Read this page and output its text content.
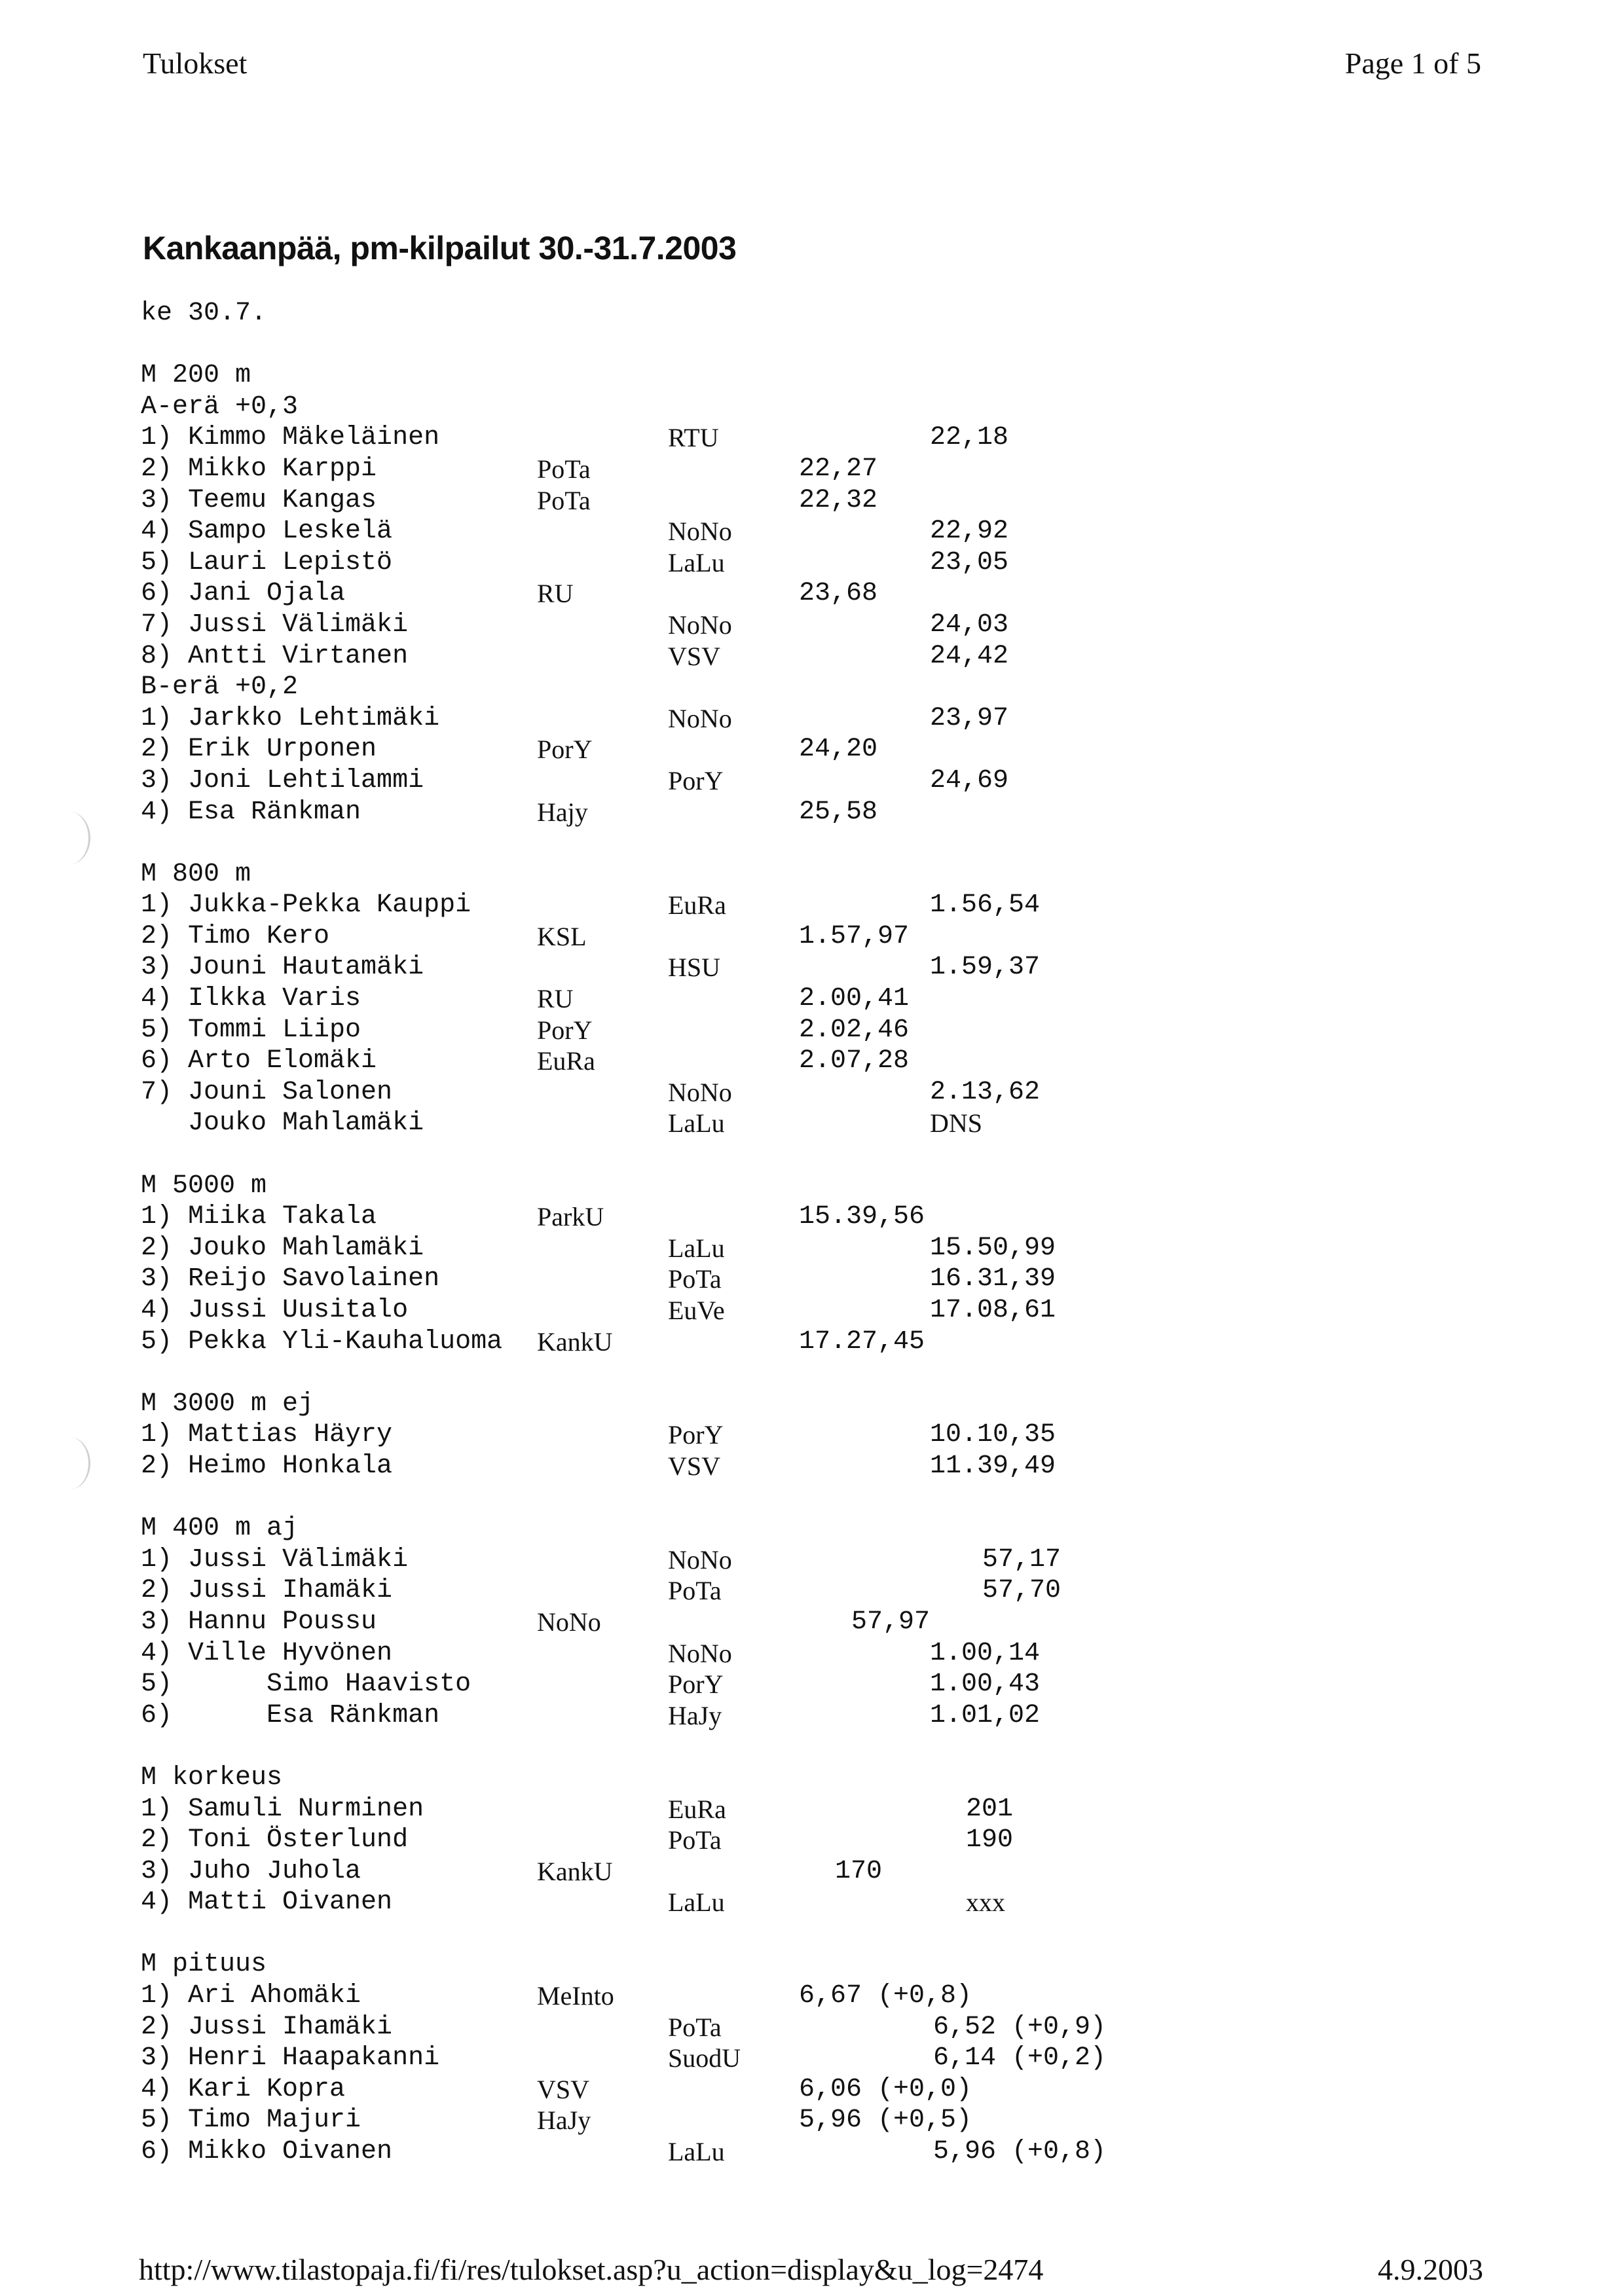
Tulokset	Page 1 of 5
Kankaanpää, pm-kilpailut 30.-31.7.2003
ke 30.7.
M 200 m
A-erä +0,3
1) Kimmo Mäkeläinen	RTU	22,18
2) Mikko Karppi	PoTa	22,27
3) Teemu Kangas	PoTa	22,32
4) Sampo Leskelä	NoNo	22,92
5) Lauri Lepistö	LaLu	23,05
6) Jani Ojala	RU	23,68
7) Jussi Välimäki	NoNo	24,03
8) Antti Virtanen	VSV	24,42
B-erä +0,2
1) Jarkko Lehtimäki	NoNo	23,97
2) Erik Urponen	PorY	24,20
3) Joni Lehtilammi	PorY	24,69
4) Esa Ränkman	Hajy	25,58
M 800 m
1) Jukka-Pekka Kauppi	EuRa	1.56,54
2) Timo Kero	KSL	1.57,97
3) Jouni Hautamäki	HSU	1.59,37
4) Ilkka Varis	RU	2.00,41
5) Tommi Liipo	PorY	2.02,46
6) Arto Elomäki	EuRa	2.07,28
7) Jouni Salonen	NoNo	2.13,62
Jouko Mahlamäki	LaLu	DNS
M 5000 m
1) Miika Takala	ParkU	15.39,56
2) Jouko Mahlamäki	LaLu	15.50,99
3) Reijo Savolainen	PoTa	16.31,39
4) Jussi Uusitalo	EuVe	17.08,61
5) Pekka Yli-Kauhaluoma KankU	17.27,45
M 3000 m ej
1) Mattias Häyry	PorY	10.10,35
2) Heimo Honkala	VSV	11.39,49
M 400 m aj
1) Jussi Välimäki	NoNo	57,17
2) Jussi Ihamäki	PoTa	57,70
3) Hannu Poussu	NoNo	57,97
4) Ville Hyvönen	NoNo	1.00,14
5)      Simo Haavisto	PorY	1.00,43
6)      Esa Ränkman	HaJy	1.01,02
M korkeus
1) Samuli Nurminen	EuRa	201
2) Toni Österlund	PoTa	190
3) Juho Juhola	KankU	170
4) Matti Oivanen	LaLu	xxx
M pituus
1) Ari Ahomäki	MeInto	6,67 (+0,8)
2) Jussi Ihamäki	PoTa	6,52 (+0,9)
3) Henri Haapakanni	SuodU	6,14 (+0,2)
4) Kari Kopra	VSV	6,06 (+0,0)
5) Timo Majuri	HaJy	5,96 (+0,5)
6) Mikko Oivanen	LaLu	5,96 (+0,8)
http://www.tilastopaja.fi/fi/res/tulokset.asp?u_action=display&u_log=2474	4.9.2003
